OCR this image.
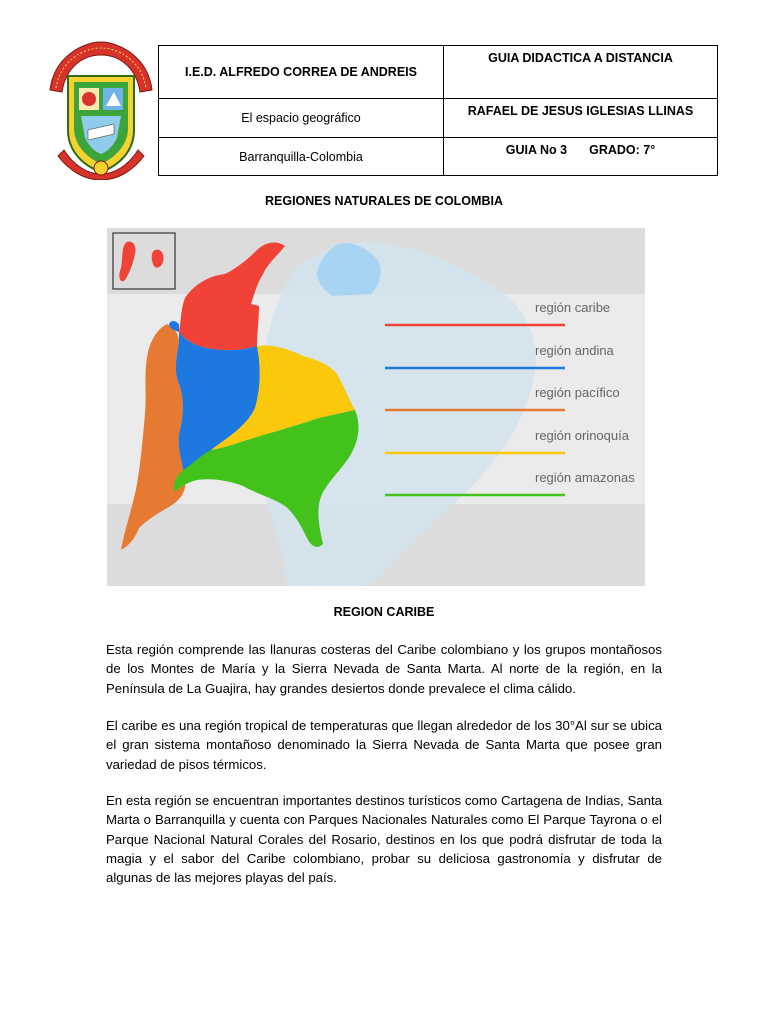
I.E.D. ALFREDO CORREA DE ANDREIS	GUIA DIDACTICA A DISTANCIA
El espacio geográfico	RAFAEL DE JESUS IGLESIAS LLINAS
Barranquilla-Colombia	GUIA No 3 GRADO: 7°
REGIONES NATURALES DE COLOMBIA
región caribe
región andina
región pacífico
región orinoquía
región amazonas
REGION CARIBE

Esta región comprende las llanuras costeras del Caribe colombiano y los grupos montañosos de los Montes de María y la Sierra Nevada de Santa Marta. Al norte de la región, en la Península de La Guajira, hay grandes desiertos donde prevalece el clima cálido.

El caribe es una región tropical de temperaturas que llegan alrededor de los 30°Al sur se ubica el gran sistema montañoso denominado la Sierra Nevada de Santa Marta que posee gran variedad de pisos térmicos.

En esta región se encuentran importantes destinos turísticos como Cartagena de Indias, Santa Marta o Barranquilla y cuenta con Parques Nacionales Naturales como El Parque Tayrona o el Parque Nacional Natural Corales del Rosario, destinos en los que podrá disfrutar de toda la magia y el sabor del Caribe colombiano, probar su deliciosa gastronomía y disfrutar de algunas de las mejores playas del país.
